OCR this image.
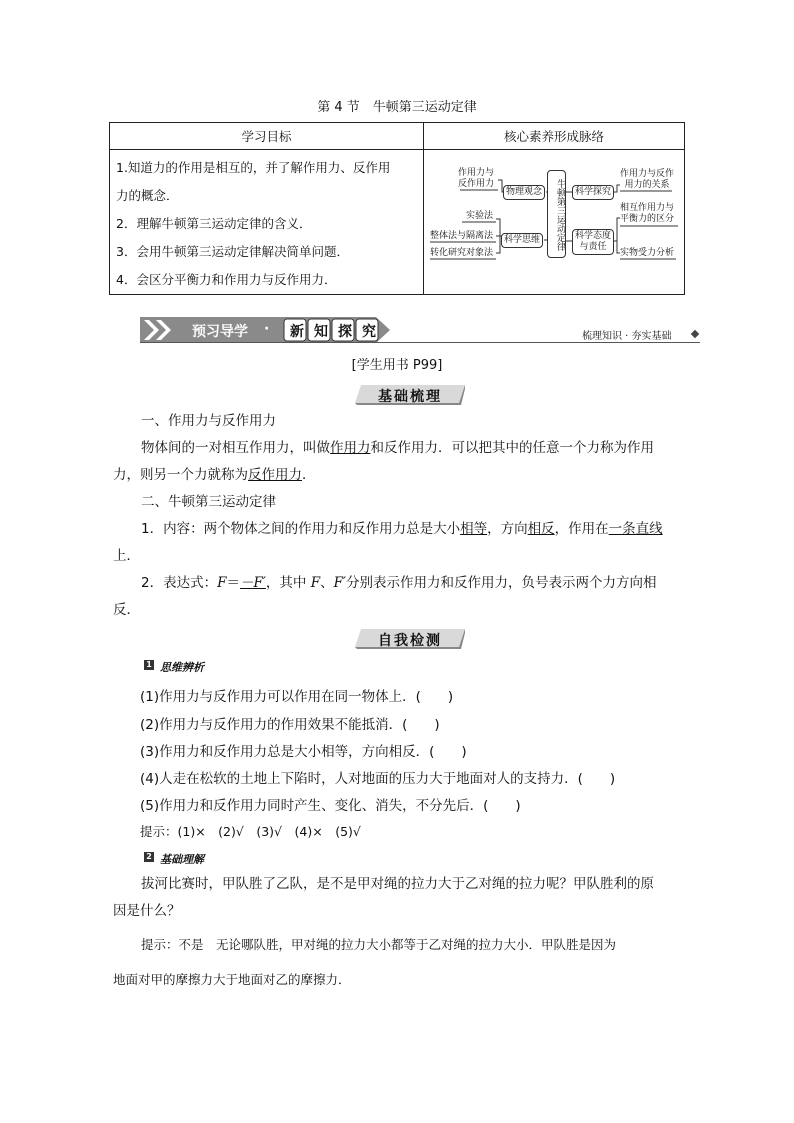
第 4 节　牛顿第三运动定律
学习目标	核心素养形成脉络

1.知道力的作用是相互的，并了解作用力、反作用
力的概念．
2．理解牛顿第三运动定律的含义．
3．会用牛顿第三运动定律解决简单问题．
4．会区分平衡力和作用力与反作用力．	

作用力与
反作用力
实验法
整体法与隔离法
转化研究对象法
物理观念
科学思维	牛顿第三运动定律	科学探究
科学态度
与责任
作用力与反作
用力的关系
相互作用力与
平衡力的区分
实物受力分析
预习导学 · 新 知 探 究	梳理知识 · 夯实基础
[学生用书 P99]
基础梳理
一、作用力与反作用力
物体间的一对相互作用力，叫做作用力和反作用力．可以把其中的任意一个力称为作用
力，则另一个力就称为反作用力．
二、牛顿第三运动定律
1．内容：两个物体之间的作用力和反作用力总是大小相等，方向相反，作用在一条直线
上．
2．表达式：F＝－F′，其中 F、F′分别表示作用力和反作用力，负号表示两个力方向相
反．
自我检测
1 思维辨析
(1)作用力与反作用力可以作用在同一物体上．(　　)
(2)作用力与反作用力的作用效果不能抵消．(　　)
(3)作用力和反作用力总是大小相等，方向相反．(　　)
(4)人走在松软的土地上下陷时，人对地面的压力大于地面对人的支持力．(　　)
(5)作用力和反作用力同时产生、变化、消失，不分先后．(　　)
提示：(1)×　(2)√　(3)√　(4)×　(5)√
2 基础理解
拔河比赛时，甲队胜了乙队，是不是甲对绳的拉力大于乙对绳的拉力呢？甲队胜利的原
因是什么？
提示：不是　无论哪队胜，甲对绳的拉力大小都等于乙对绳的拉力大小．甲队胜是因为
地面对甲的摩擦力大于地面对乙的摩擦力．
